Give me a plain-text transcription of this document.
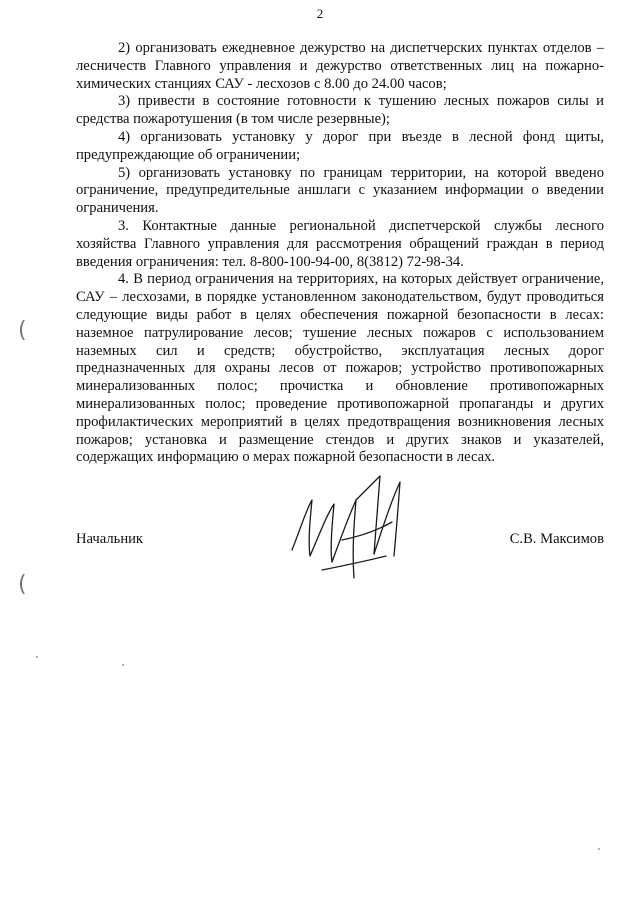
2

2) организовать ежедневное дежурство на диспетчерских пунктах отделов – лесничеств Главного управления и дежурство ответственных лиц на пожарно-химических станциях САУ - лесхозов с 8.00 до 24.00 часов;

3) привести в состояние готовности к тушению лесных пожаров силы и средства пожаротушения (в том числе резервные);

4) организовать установку у дорог при въезде в лесной фонд щиты, предупреждающие об ограничении;

5) организовать установку по границам территории, на которой введено ограничение, предупредительные аншлаги с указанием информации о введении ограничения.

3. Контактные данные региональной диспетчерской службы лесного хозяйства Главного управления для рассмотрения обращений граждан в период введения ограничения: тел. 8-800-100-94-00, 8(3812) 72-98-34.

4. В период ограничения на территориях, на которых действует ограничение, САУ – лесхозами, в порядке установленном законодательством, будут проводиться следующие виды работ в целях обеспечения пожарной безопасности в лесах: наземное патрулирование лесов; тушение лесных пожаров с использованием наземных сил и средств; обустройство, эксплуатация лесных дорог предназначенных для охраны лесов от пожаров; устройство противопожарных минерализованных полос; прочистка и обновление противопожарных минерализованных полос; проведение противопожарной пропаганды и других профилактических мероприятий в целях предотвращения возникновения лесных пожаров; установка и размещение стендов и других знаков и указателей, содержащих информацию о мерах пожарной безопасности в лесах.

Начальник	С.В. Максимов
(
(
